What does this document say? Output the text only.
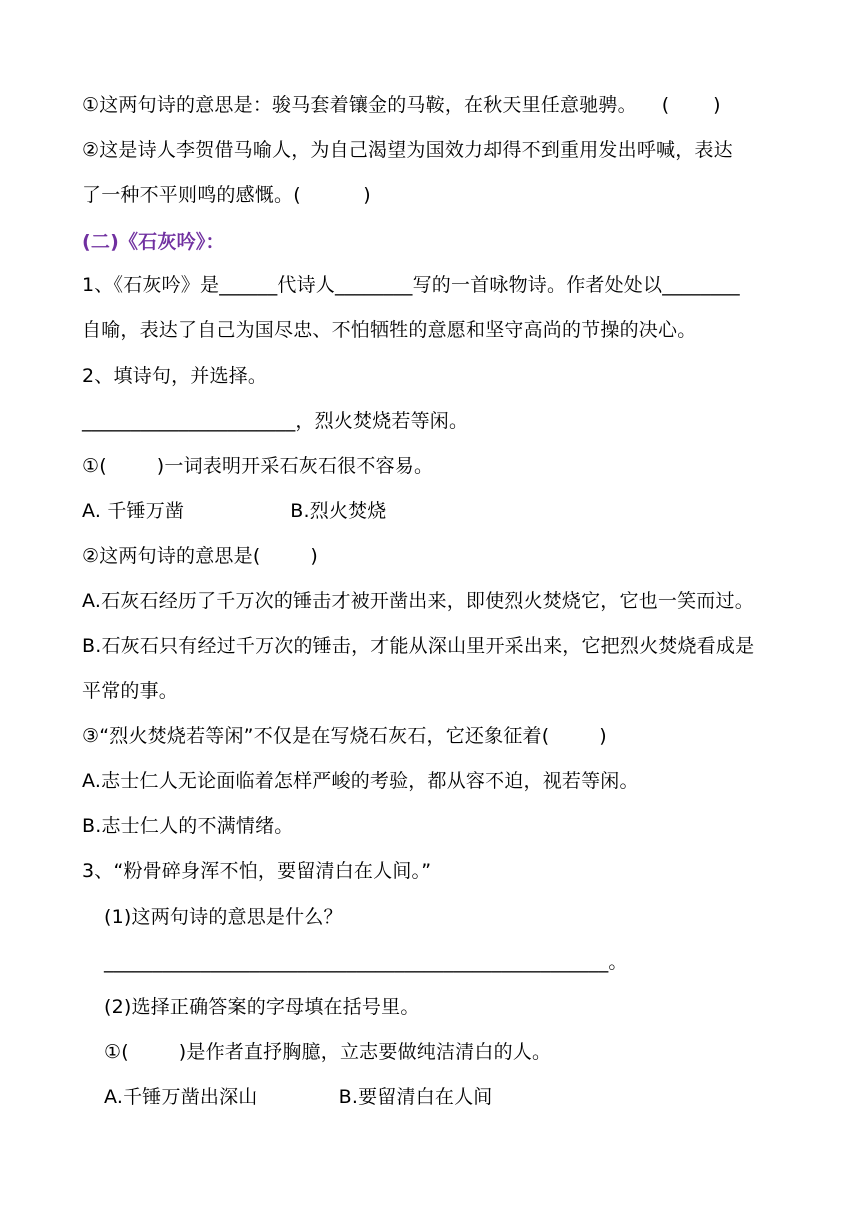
①这两句诗的意思是：骏马套着镶金的马鞍，在秋天里任意驰骋。    (       )
②这是诗人李贺借马喻人，为自己渴望为国效力却得不到重用发出呼喊，表达
了一种不平则鸣的感慨。(          )
(二)《石灰吟》：
1、《石灰吟》是______代诗人________写的一首咏物诗。作者处处以________
自喻，表达了自己为国尽忠、不怕牺牲的意愿和坚守高尚的节操的决心。
2、填诗句，并选择。
______________________，烈火焚烧若等闲。
①(        )一词表明开采石灰石很不容易。
A. 千锤万凿                 B.烈火焚烧
②这两句诗的意思是(        )
A.石灰石经历了千万次的锤击才被开凿出来，即使烈火焚烧它，它也一笑而过。
B.石灰石只有经过千万次的锤击，才能从深山里开采出来，它把烈火焚烧看成是
平常的事。
③“烈火焚烧若等闲”不仅是在写烧石灰石，它还象征着(        )
A.志士仁人无论面临着怎样严峻的考验，都从容不迫，视若等闲。
B.志士仁人的不满情绪。
3、“粉骨碎身浑不怕，要留清白在人间。”
(1)这两句诗的意思是什么？
____________________________________________________。
(2)选择正确答案的字母填在括号里。
①(        )是作者直抒胸臆，立志要做纯洁清白的人。
A.千锤万凿出深山             B.要留清白在人间
